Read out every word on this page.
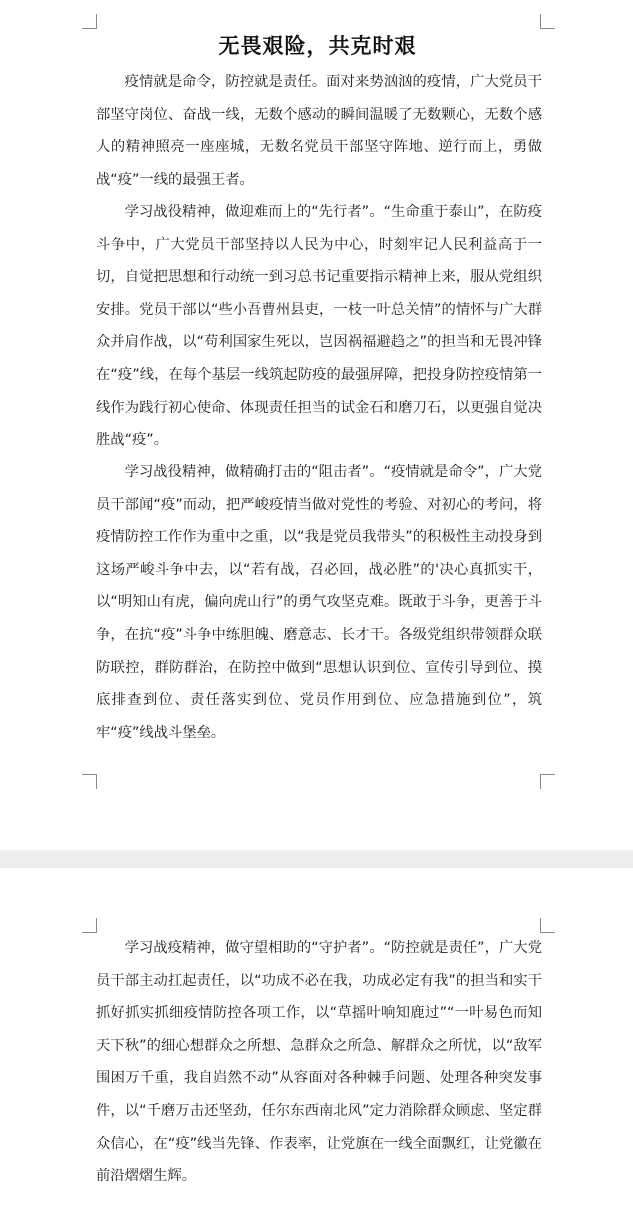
无畏艰险，共克时艰

疫情就是命令，防控就是责任。面对来势汹汹的疫情，广大党员干部坚守岗位、奋战一线，无数个感动的瞬间温暖了无数颗心，无数个感人的精神照亮一座座城，无数名党员干部坚守阵地、逆行而上，勇做战“疫”一线的最强王者。

学习战役精神，做迎难而上的“先行者”。“生命重于泰山”，在防疫斗争中，广大党员干部坚持以人民为中心，时刻牢记人民利益高于一切，自觉把思想和行动统一到习总书记重要指示精神上来，服从党组织安排。党员干部以“些小吾曹州县吏，一枝一叶总关情”的情怀与广大群众并肩作战，以“苟利国家生死以，岂因祸福避趋之”的担当和无畏冲锋在“疫”线，在每个基层一线筑起防疫的最强屏障，把投身防控疫情第一线作为践行初心使命、体现责任担当的试金石和磨刀石，以更强自觉决胜战“疫”。

学习战役精神，做精确打击的“阻击者”。“疫情就是命令”，广大党员干部闻“疫”而动，把严峻疫情当做对党性的考验、对初心的考问，将疫情防控工作作为重中之重，以“我是党员我带头”的积极性主动投身到这场严峻斗争中去，以“若有战，召必回，战必胜”的'决心真抓实干，以“明知山有虎，偏向虎山行”的勇气攻坚克难。既敢于斗争，更善于斗争，在抗“疫”斗争中练胆魄、磨意志、长才干。各级党组织带领群众联防联控，群防群治，在防控中做到“思想认识到位、宣传引导到位、摸底排查到位、责任落实到位、党员作用到位、应急措施到位”，筑牢“疫”线战斗堡垒。

学习战疫精神，做守望相助的“守护者”。“防控就是责任”，广大党员干部主动扛起责任，以“功成不必在我，功成必定有我”的担当和实干抓好抓实抓细疫情防控各项工作，以“草摇叶响知鹿过”“一叶易色而知天下秋”的细心想群众之所想、急群众之所急、解群众之所忧，以“敌军围困万千重，我自岿然不动”从容面对各种棘手问题、处理各种突发事件，以“千磨万击还坚劲，任尔东西南北风”定力消除群众顾虑、坚定群众信心，在“疫”线当先锋、作表率，让党旗在一线全面飘红，让党徽在前沿熠熠生辉。
